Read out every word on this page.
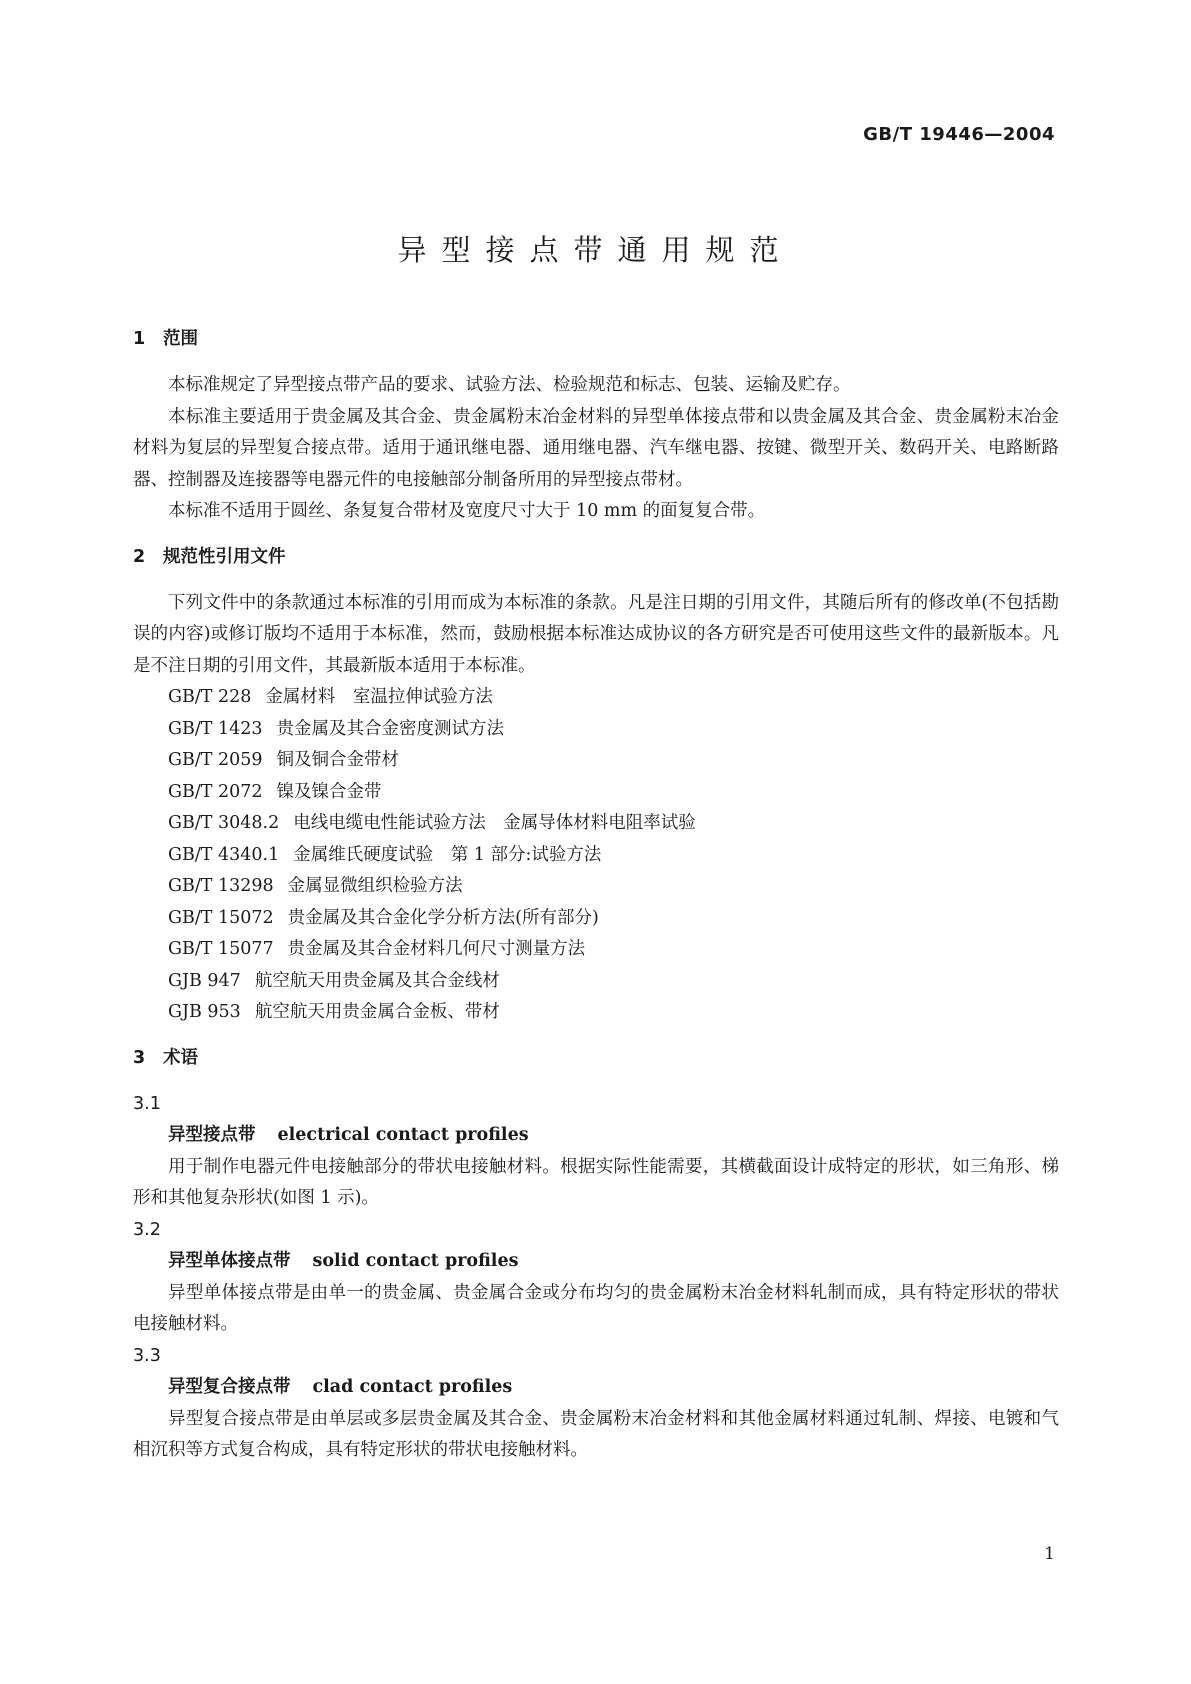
GB/T 19446—2004
异型接点带通用规范
1 范围

本标准规定了异型接点带产品的要求、试验方法、检验规范和标志、包装、运输及贮存。

本标准主要适用于贵金属及其合金、贵金属粉末冶金材料的异型单体接点带和以贵金属及其合金、贵金属粉末冶金材料为复层的异型复合接点带。适用于通讯继电器、通用继电器、汽车继电器、按键、微型开关、数码开关、电路断路器、控制器及连接器等电器元件的电接触部分制备所用的异型接点带材。

本标准不适用于圆丝、条复复合带材及宽度尺寸大于 10 mm 的面复复合带。

2 规范性引用文件

下列文件中的条款通过本标准的引用而成为本标准的条款。凡是注日期的引用文件，其随后所有的修改单(不包括勘误的内容)或修订版均不适用于本标准，然而，鼓励根据本标准达成协议的各方研究是否可使用这些文件的最新版本。凡是不注日期的引用文件，其最新版本适用于本标准。

GB/T 228 金属材料　室温拉伸试验方法
GB/T 1423 贵金属及其合金密度测试方法
GB/T 2059 铜及铜合金带材
GB/T 2072 镍及镍合金带
GB/T 3048.2 电线电缆电性能试验方法　金属导体材料电阻率试验
GB/T 4340.1 金属维氏硬度试验　第 1 部分:试验方法
GB/T 13298 金属显微组织检验方法
GB/T 15072 贵金属及其合金化学分析方法(所有部分)
GB/T 15077 贵金属及其合金材料几何尺寸测量方法
GJB 947 航空航天用贵金属及其合金线材
GJB 953 航空航天用贵金属合金板、带材
3 术语
3.1
异型接点带 electrical contact profiles

用于制作电器元件电接触部分的带状电接触材料。根据实际性能需要，其横截面设计成特定的形状，如三角形、梯形和其他复杂形状(如图 1 示)。

3.2
异型单体接点带 solid contact profiles

异型单体接点带是由单一的贵金属、贵金属合金或分布均匀的贵金属粉末冶金材料轧制而成，具有特定形状的带状电接触材料。

3.3
异型复合接点带 clad contact profiles

异型复合接点带是由单层或多层贵金属及其合金、贵金属粉末冶金材料和其他金属材料通过轧制、焊接、电镀和气相沉积等方式复合构成，具有特定形状的带状电接触材料。

1
